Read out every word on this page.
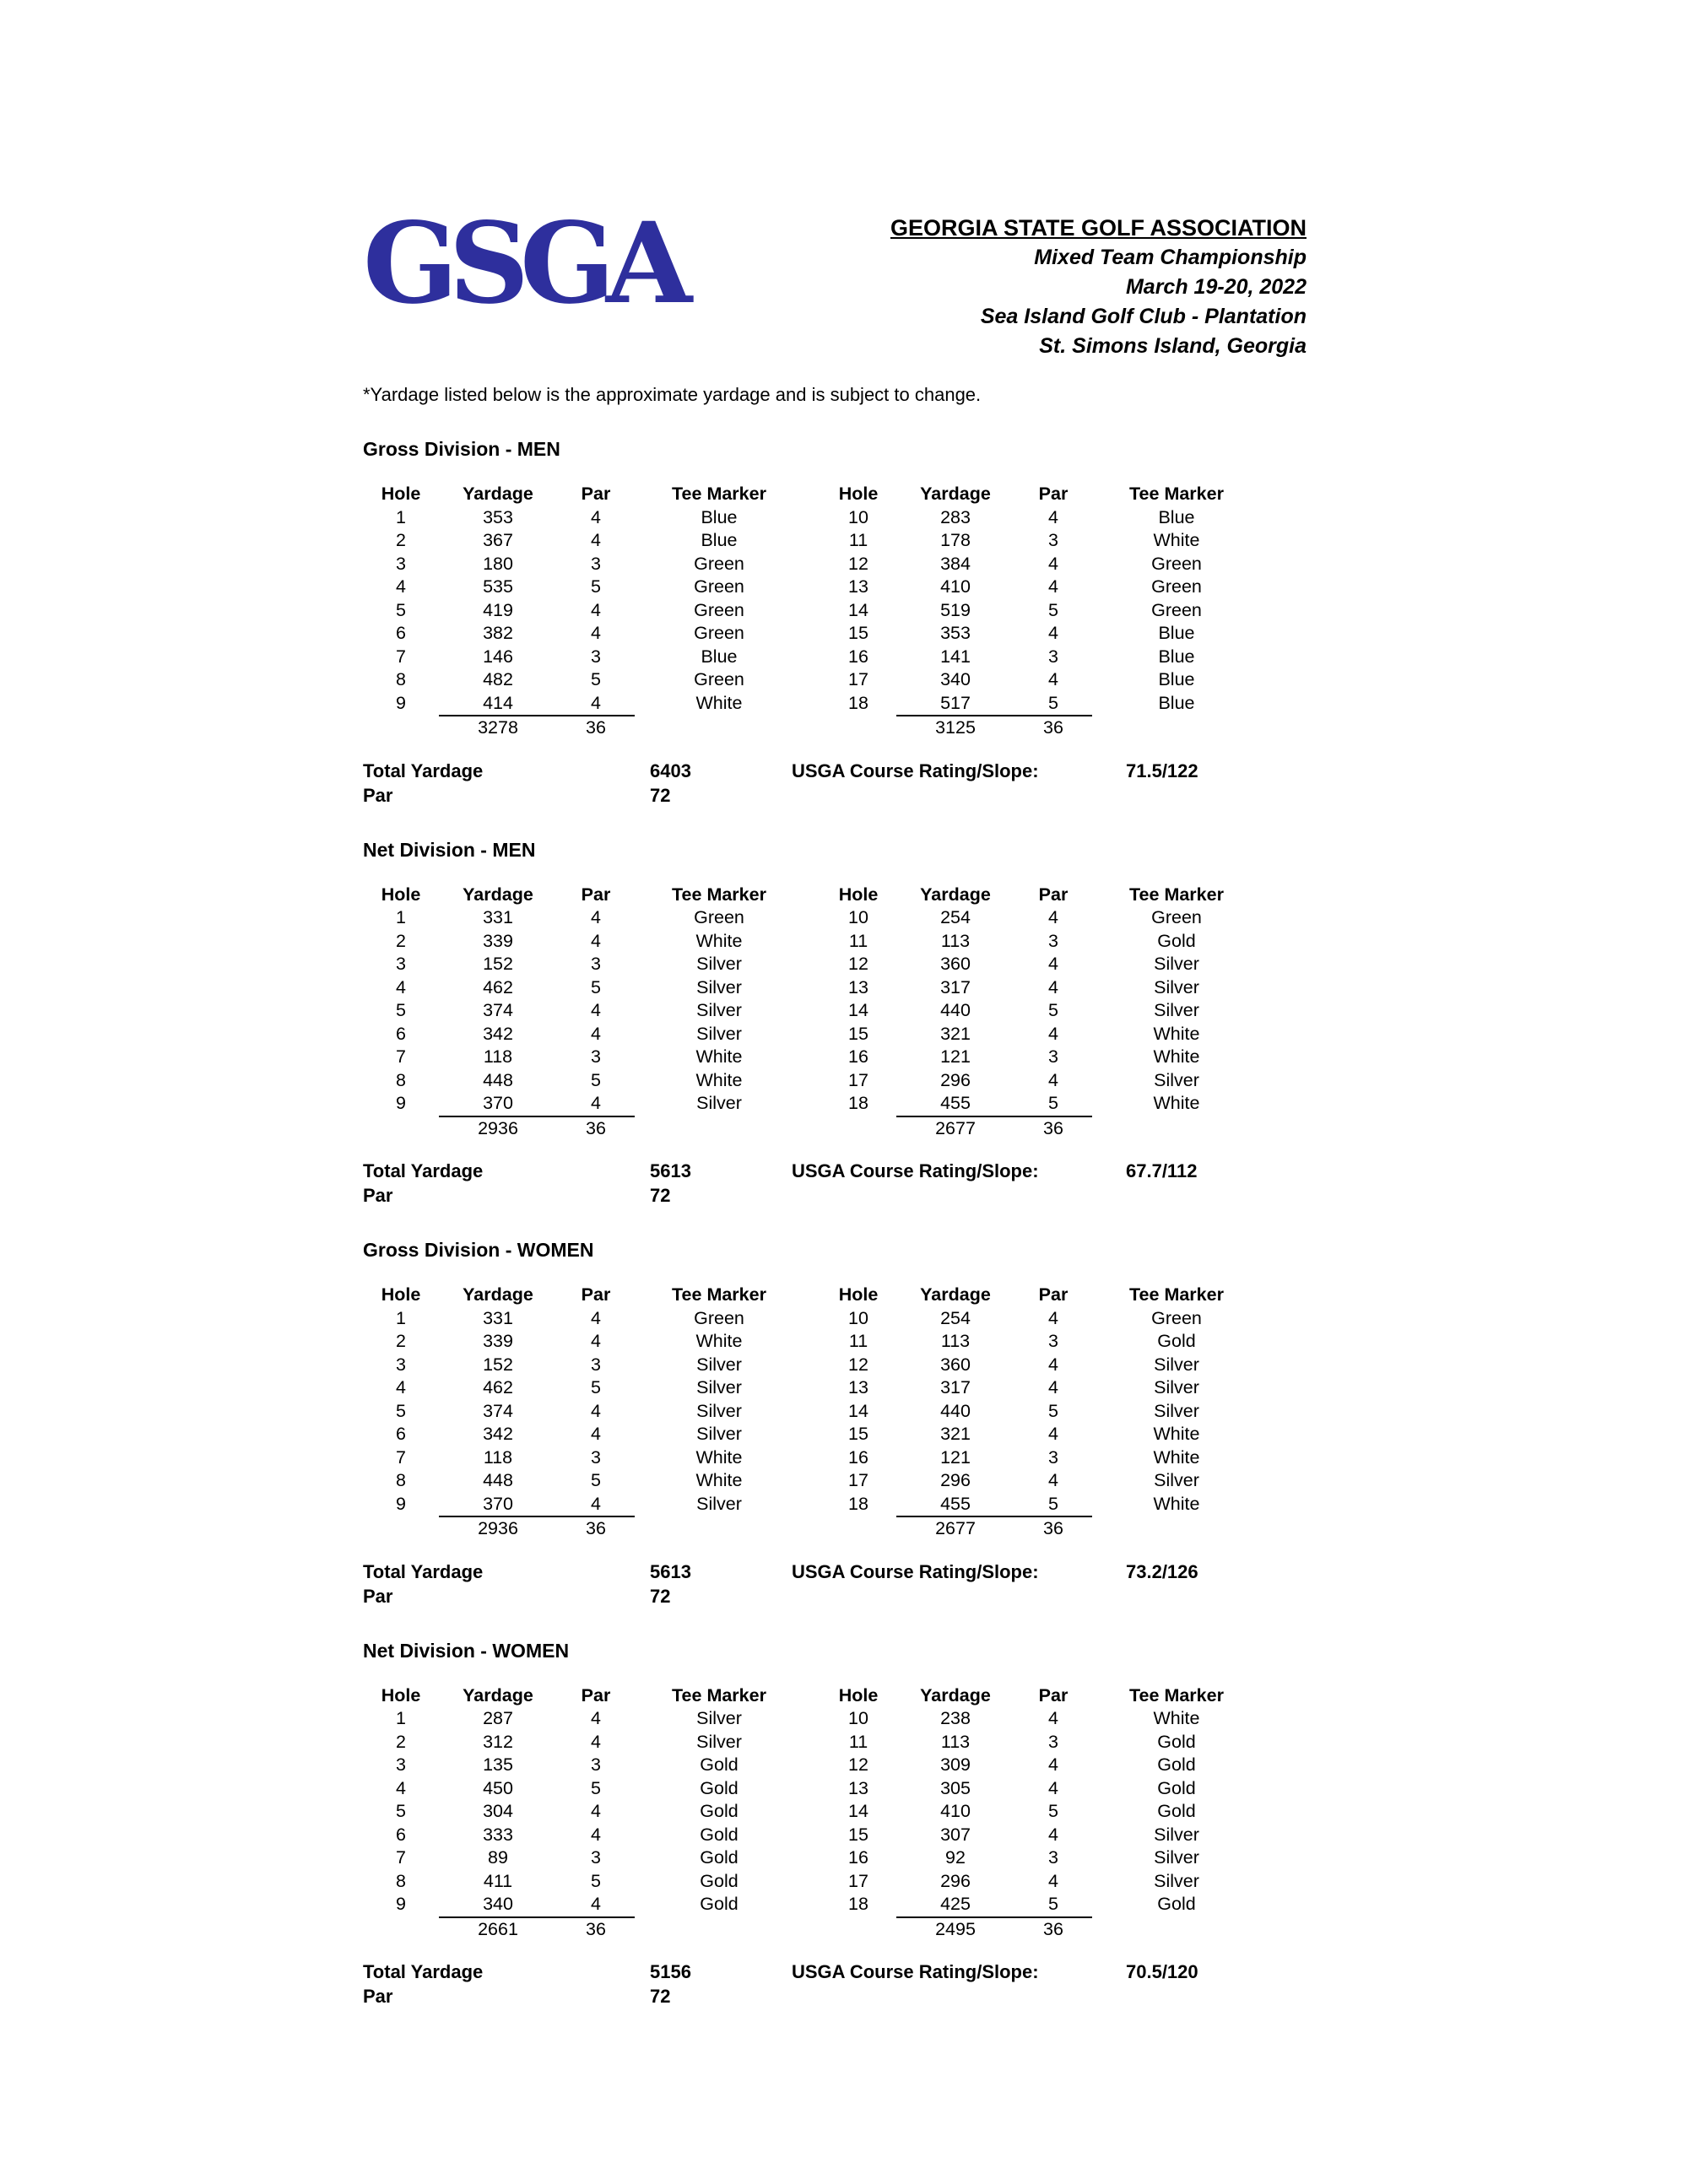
GSGA	GEORGIA STATE GOLF ASSOCIATION
Mixed Team Championship
March 19-20, 2022
Sea Island Golf Club - Plantation
St. Simons Island, Georgia
*Yardage listed below is the approximate yardage and is subject to change.
Gross Division - MEN
Hole	Yardage	Par	Tee Marker	Hole	Yardage	Par	Tee Marker
1	353	4	Blue	10	283	4	Blue
2	367	4	Blue	11	178	3	White
3	180	3	Green	12	384	4	Green
4	535	5	Green	13	410	4	Green
5	419	4	Green	14	519	5	Green
6	382	4	Green	15	353	4	Blue
7	146	3	Blue	16	141	3	Blue
8	482	5	Green	17	340	4	Blue
9	414	4	White	18	517	5	Blue
3278	36	3125	36
Total Yardage	6403	USGA Course Rating/Slope:	71.5/122
Par	72
Net Division - MEN
Hole	Yardage	Par	Tee Marker	Hole	Yardage	Par	Tee Marker
1	331	4	Green	10	254	4	Green
2	339	4	White	11	113	3	Gold
3	152	3	Silver	12	360	4	Silver
4	462	5	Silver	13	317	4	Silver
5	374	4	Silver	14	440	5	Silver
6	342	4	Silver	15	321	4	White
7	118	3	White	16	121	3	White
8	448	5	White	17	296	4	Silver
9	370	4	Silver	18	455	5	White
2936	36	2677	36
Total Yardage	5613	USGA Course Rating/Slope:	67.7/112
Par	72
Gross Division - WOMEN
Hole	Yardage	Par	Tee Marker	Hole	Yardage	Par	Tee Marker
1	331	4	Green	10	254	4	Green
2	339	4	White	11	113	3	Gold
3	152	3	Silver	12	360	4	Silver
4	462	5	Silver	13	317	4	Silver
5	374	4	Silver	14	440	5	Silver
6	342	4	Silver	15	321	4	White
7	118	3	White	16	121	3	White
8	448	5	White	17	296	4	Silver
9	370	4	Silver	18	455	5	White
2936	36	2677	36
Total Yardage	5613	USGA Course Rating/Slope:	73.2/126
Par	72
Net Division - WOMEN
Hole	Yardage	Par	Tee Marker	Hole	Yardage	Par	Tee Marker
1	287	4	Silver	10	238	4	White
2	312	4	Silver	11	113	3	Gold
3	135	3	Gold	12	309	4	Gold
4	450	5	Gold	13	305	4	Gold
5	304	4	Gold	14	410	5	Gold
6	333	4	Gold	15	307	4	Silver
7	89	3	Gold	16	92	3	Silver
8	411	5	Gold	17	296	4	Silver
9	340	4	Gold	18	425	5	Gold
2661	36	2495	36
Total Yardage	5156	USGA Course Rating/Slope:	70.5/120
Par	72
